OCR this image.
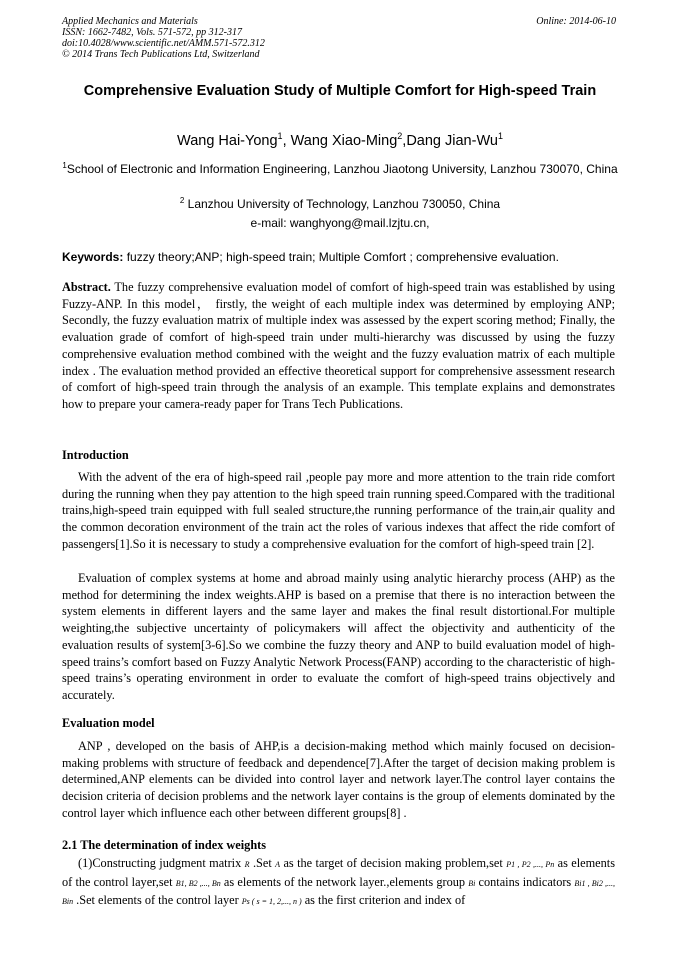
Applied Mechanics and Materials
ISSN: 1662-7482, Vols. 571-572, pp 312-317
doi:10.4028/www.scientific.net/AMM.571-572.312
© 2014 Trans Tech Publications Ltd, Switzerland
Online: 2014-06-10
Comprehensive Evaluation Study of Multiple Comfort for High-speed Train
Wang Hai-Yong$^1$, Wang Xiao-Ming$^2$,Dang Jian-Wu$^1$
$^1$School of Electronic and Information Engineering, Lanzhou Jiaotong University, Lanzhou 730070, China
$^2$ Lanzhou University of Technology, Lanzhou 730050, China
e-mail: wanghyong@mail.lzjtu.cn,
Keywords: fuzzy theory;ANP; high-speed train; Multiple Comfort ; comprehensive evaluation.
Abstract. The fuzzy comprehensive evaluation model of comfort of high-speed train was established by using Fuzzy-ANP. In this model， firstly, the weight of each multiple index was determined by employing ANP; Secondly, the fuzzy evaluation matrix of multiple index was assessed by the expert scoring method; Finally, the evaluation grade of comfort of high-speed train under multi-hierarchy was discussed by using the fuzzy comprehensive evaluation method combined with the weight and the fuzzy evaluation matrix of each multiple index . The evaluation method provided an effective theoretical support for comprehensive assessment research of comfort of high-speed train through the analysis of an example. This template explains and demonstrates how to prepare your camera-ready paper for Trans Tech Publications.
Introduction
With the advent of the era of high-speed rail ,people pay more and more attention to the train ride comfort during the running when they pay attention to the high speed train running speed.Compared with the traditional trains,high-speed train equipped with full sealed structure,the running performance of the train,air quality and the common decoration environment of the train act the roles of various indexes that affect the ride comfort of passengers[1].So it is necessary to study a comprehensive evaluation for the comfort of high-speed train [2].
Evaluation of complex systems at home and abroad mainly using analytic hierarchy process (AHP) as the method for determining the index weights.AHP is based on a premise that there is no interaction between the system elements in different layers and the same layer and makes the final result distortional.For multiple weighting,the subjective uncertainty of policymakers will affect the objectivity and authenticity of the evaluation results of system[3-6].So we combine the fuzzy theory and ANP to build evaluation model of high-speed trains’s comfort based on Fuzzy Analytic Network Process(FANP) according to the characteristic of high-speed trains’s operating environment in order to evaluate the comfort of high-speed trains objectively and accurately.
Evaluation model
ANP , developed on the basis of AHP,is a decision-making method which mainly focused on decision-making problems with structure of feedback and dependence[7].After the target of decision making problem is determined,ANP elements can be divided into control layer and network layer.The control layer contains the decision criteria of decision problems and the network layer contains is the group of elements dominated by the control layer which influence each other between different groups[8] .
2.1 The determination of index weights
(1)Constructing judgment matrix R .Set A as the target of decision making problem,set P1 , P2 ,..., Pn as elements of the control layer,set B1, B2 ,..., Bn as elements of the network layer.,elements group Bi contains indicators Bi1 , Bi2 ,..., Bin .Set elements of the control layer Ps ( s = 1, 2,..., n ) as the first criterion and index of
